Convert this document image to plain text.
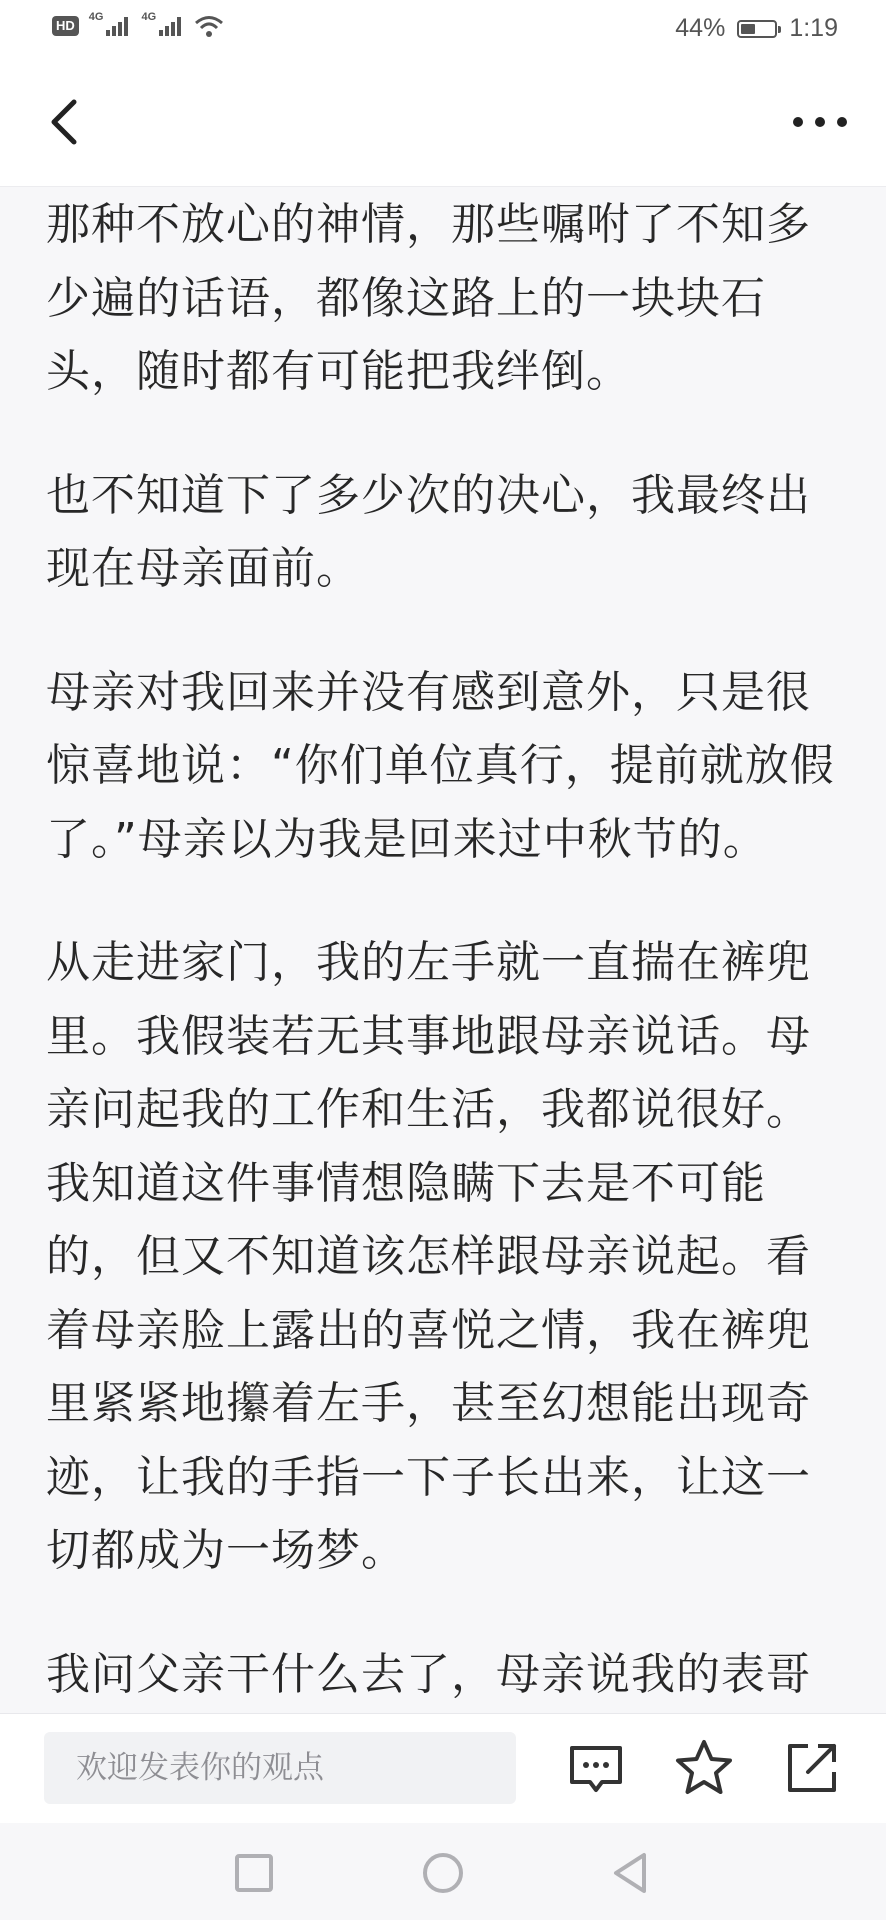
HD
4G	4G	44%	1:19

那种不放心的神情，那些嘱咐了不知多少遍的话语，都像这路上的一块块石头，随时都有可能把我绊倒。

也不知道下了多少次的决心，我最终出现在母亲面前。

母亲对我回来并没有感到意外，只是很惊喜地说：“你们单位真行，提前就放假了。”母亲以为我是回来过中秋节的。

从走进家门，我的左手就一直揣在裤兜里。我假装若无其事地跟母亲说话。母亲问起我的工作和生活，我都说很好。我知道这件事情想隐瞒下去是不可能的，但又不知道该怎样跟母亲说起。看着母亲脸上露出的喜悦之情，我在裤兜里紧紧地攥着左手，甚至幻想能出现奇迹，让我的手指一下子长出来，让这一切都成为一场梦。

我问父亲干什么去了，母亲说我的表哥

欢迎发表你的观点
